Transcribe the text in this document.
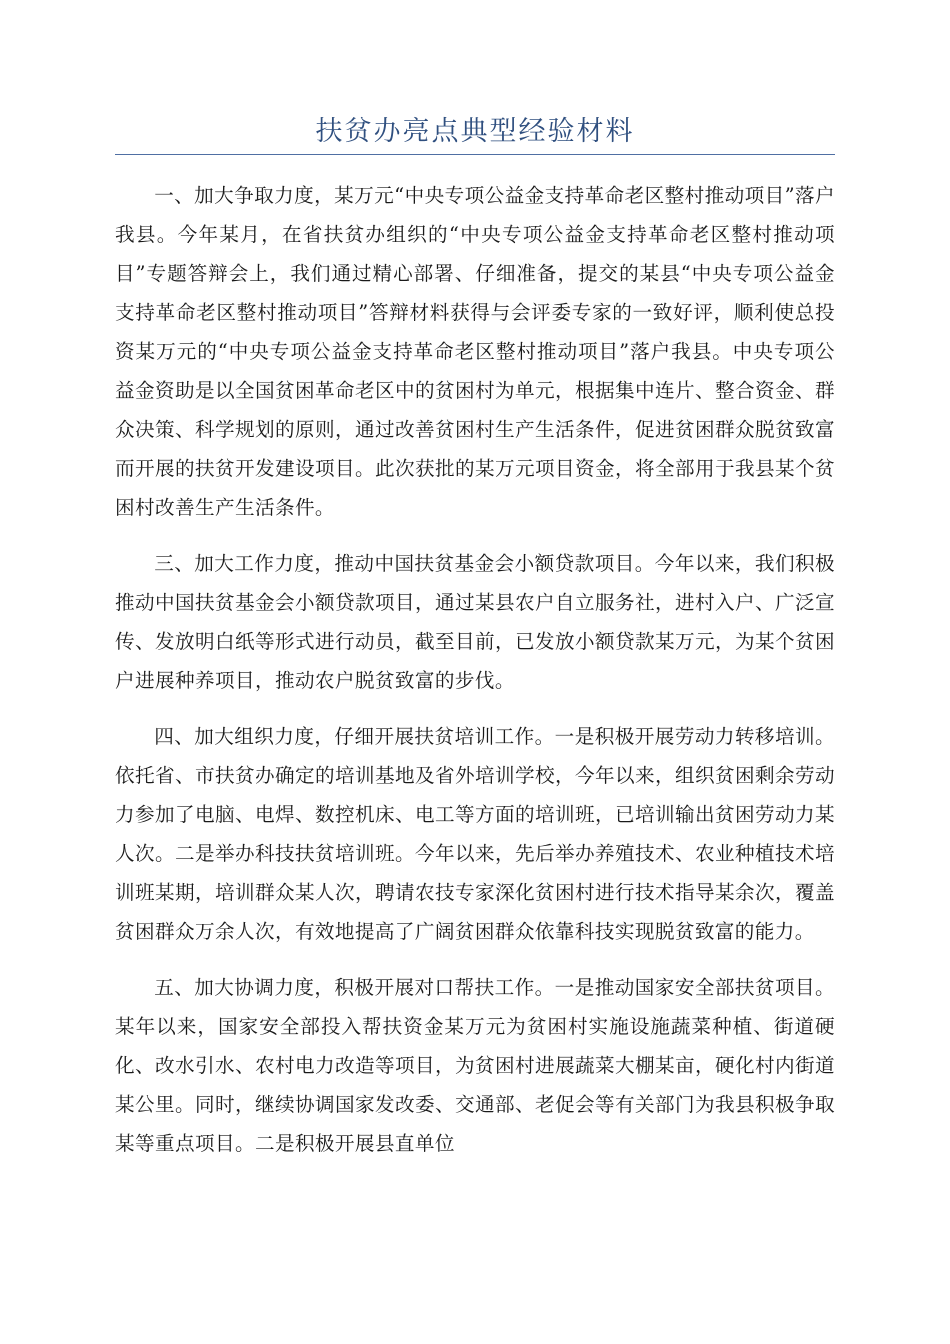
扶贫办亮点典型经验材料

一、加大争取力度，某万元“中央专项公益金支持革命老区整村推动项目”落户我县。今年某月，在省扶贫办组织的“中央专项公益金支持革命老区整村推动项目”专题答辩会上，我们通过精心部署、仔细准备，提交的某县“中央专项公益金支持革命老区整村推动项目”答辩材料获得与会评委专家的一致好评，顺利使总投资某万元的“中央专项公益金支持革命老区整村推动项目”落户我县。中央专项公益金资助是以全国贫困革命老区中的贫困村为单元，根据集中连片、整合资金、群众决策、科学规划的原则，通过改善贫困村生产生活条件，促进贫困群众脱贫致富而开展的扶贫开发建设项目。此次获批的某万元项目资金，将全部用于我县某个贫困村改善生产生活条件。

三、加大工作力度，推动中国扶贫基金会小额贷款项目。今年以来，我们积极推动中国扶贫基金会小额贷款项目，通过某县农户自立服务社，进村入户、广泛宣传、发放明白纸等形式进行动员，截至目前，已发放小额贷款某万元，为某个贫困户进展种养项目，推动农户脱贫致富的步伐。

四、加大组织力度，仔细开展扶贫培训工作。一是积极开展劳动力转移培训。依托省、市扶贫办确定的培训基地及省外培训学校，今年以来，组织贫困剩余劳动力参加了电脑、电焊、数控机床、电工等方面的培训班，已培训输出贫困劳动力某人次。二是举办科技扶贫培训班。今年以来，先后举办养殖技术、农业种植技术培训班某期，培训群众某人次，聘请农技专家深化贫困村进行技术指导某余次，覆盖贫困群众万余人次，有效地提高了广阔贫困群众依靠科技实现脱贫致富的能力。

五、加大协调力度，积极开展对口帮扶工作。一是推动国家安全部扶贫项目。某年以来，国家安全部投入帮扶资金某万元为贫困村实施设施蔬菜种植、街道硬化、改水引水、农村电力改造等项目，为贫困村进展蔬菜大棚某亩，硬化村内街道某公里。同时，继续协调国家发改委、交通部、老促会等有关部门为我县积极争取某等重点项目。二是积极开展县直单位
